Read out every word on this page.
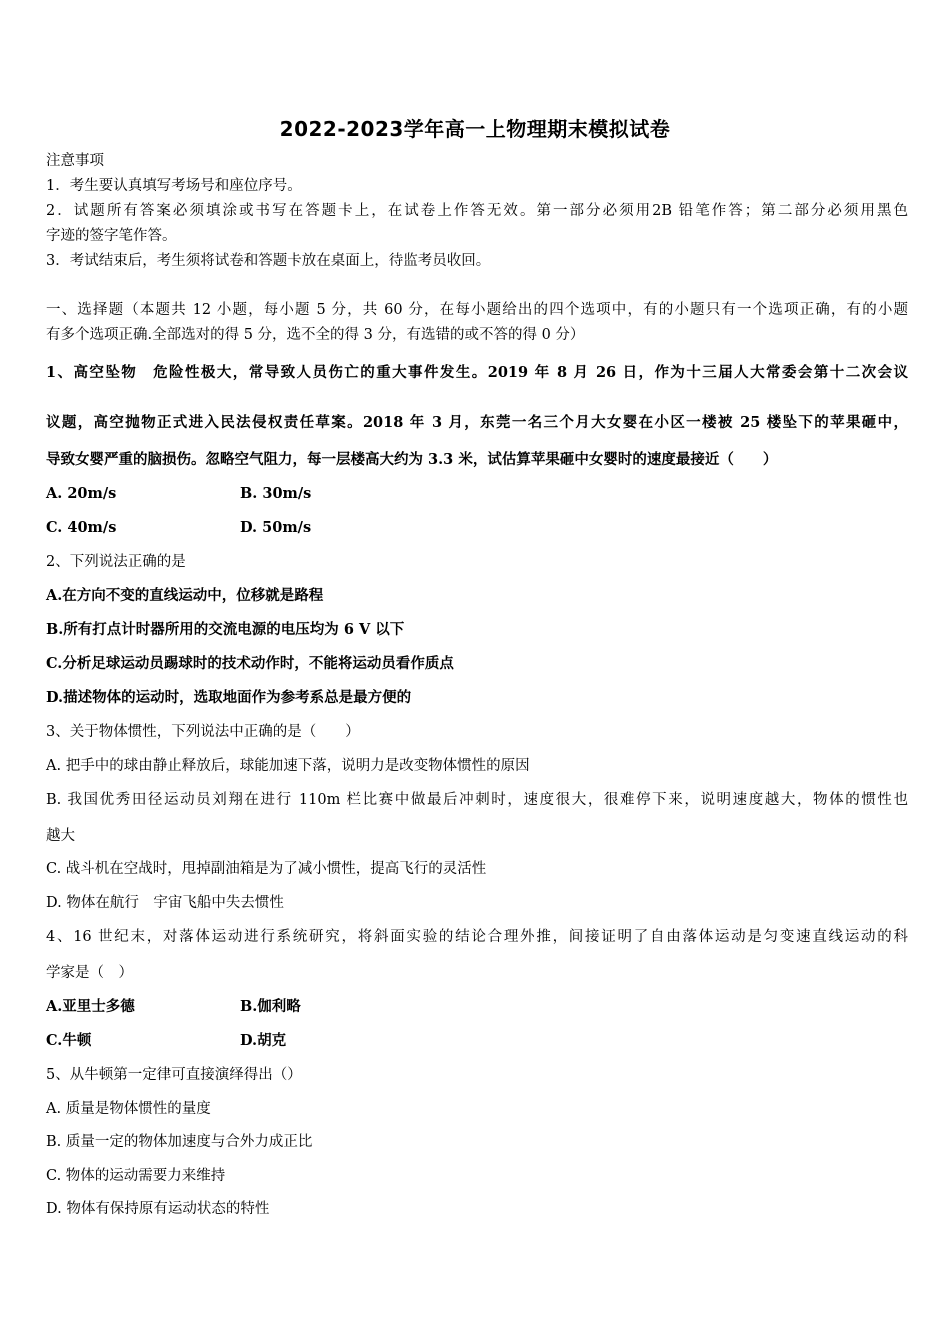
2022-2023学年高一上物理期末模拟试卷
注意事项
1．考生要认真填写考场号和座位序号。
2．试题所有答案必须填涂或书写在答题卡上，在试卷上作答无效。第一部分必须用2B 铅笔作答；第二部分必须用黑色
字迹的签字笔作答。
3．考试结束后，考生须将试卷和答题卡放在桌面上，待监考员收回。
一、选择题（本题共 12 小题，每小题 5 分，共 60 分，在每小题给出的四个选项中，有的小题只有一个选项正确，有的小题
有多个选项正确.全部选对的得 5 分，选不全的得 3 分，有选错的或不答的得 0 分）
1、高空坠物　危险性极大，常导致人员伤亡的重大事件发生。2019 年 8 月 26 日，作为十三届人大常委会第十二次会议
议题，高空抛物正式进入民法侵权责任草案。2018 年 3 月，东莞一名三个月大女婴在小区一楼被 25 楼坠下的苹果砸中，
导致女婴严重的脑损伤。忽略空气阻力，每一层楼高大约为 3.3 米，试估算苹果砸中女婴时的速度最接近（　　）
A. 20m/s	B. 30m/s
C. 40m/s	D. 50m/s
2、下列说法正确的是
A.在方向不变的直线运动中，位移就是路程
B.所有打点计时器所用的交流电源的电压均为 6 V 以下
C.分析足球运动员踢球时的技术动作时，不能将运动员看作质点
D.描述物体的运动时，选取地面作为参考系总是最方便的
3、关于物体惯性，下列说法中正确的是（　　）
A. 把手中的球由静止释放后，球能加速下落，说明力是改变物体惯性的原因
B. 我国优秀田径运动员刘翔在进行 110m 栏比赛中做最后冲刺时，速度很大，很难停下来，说明速度越大，物体的惯性也
越大
C. 战斗机在空战时，甩掉副油箱是为了减小惯性，提高飞行的灵活性
D. 物体在航行　宇宙飞船中失去惯性
4、16 世纪末，对落体运动进行系统研究，将斜面实验的结论合理外推，间接证明了自由落体运动是匀变速直线运动的科
学家是（　）
A.亚里士多德	B.伽利略
C.牛顿	D.胡克
5、从牛顿第一定律可直接演绎得出（）
A. 质量是物体惯性的量度
B. 质量一定的物体加速度与合外力成正比
C. 物体的运动需要力来维持
D. 物体有保持原有运动状态的特性
